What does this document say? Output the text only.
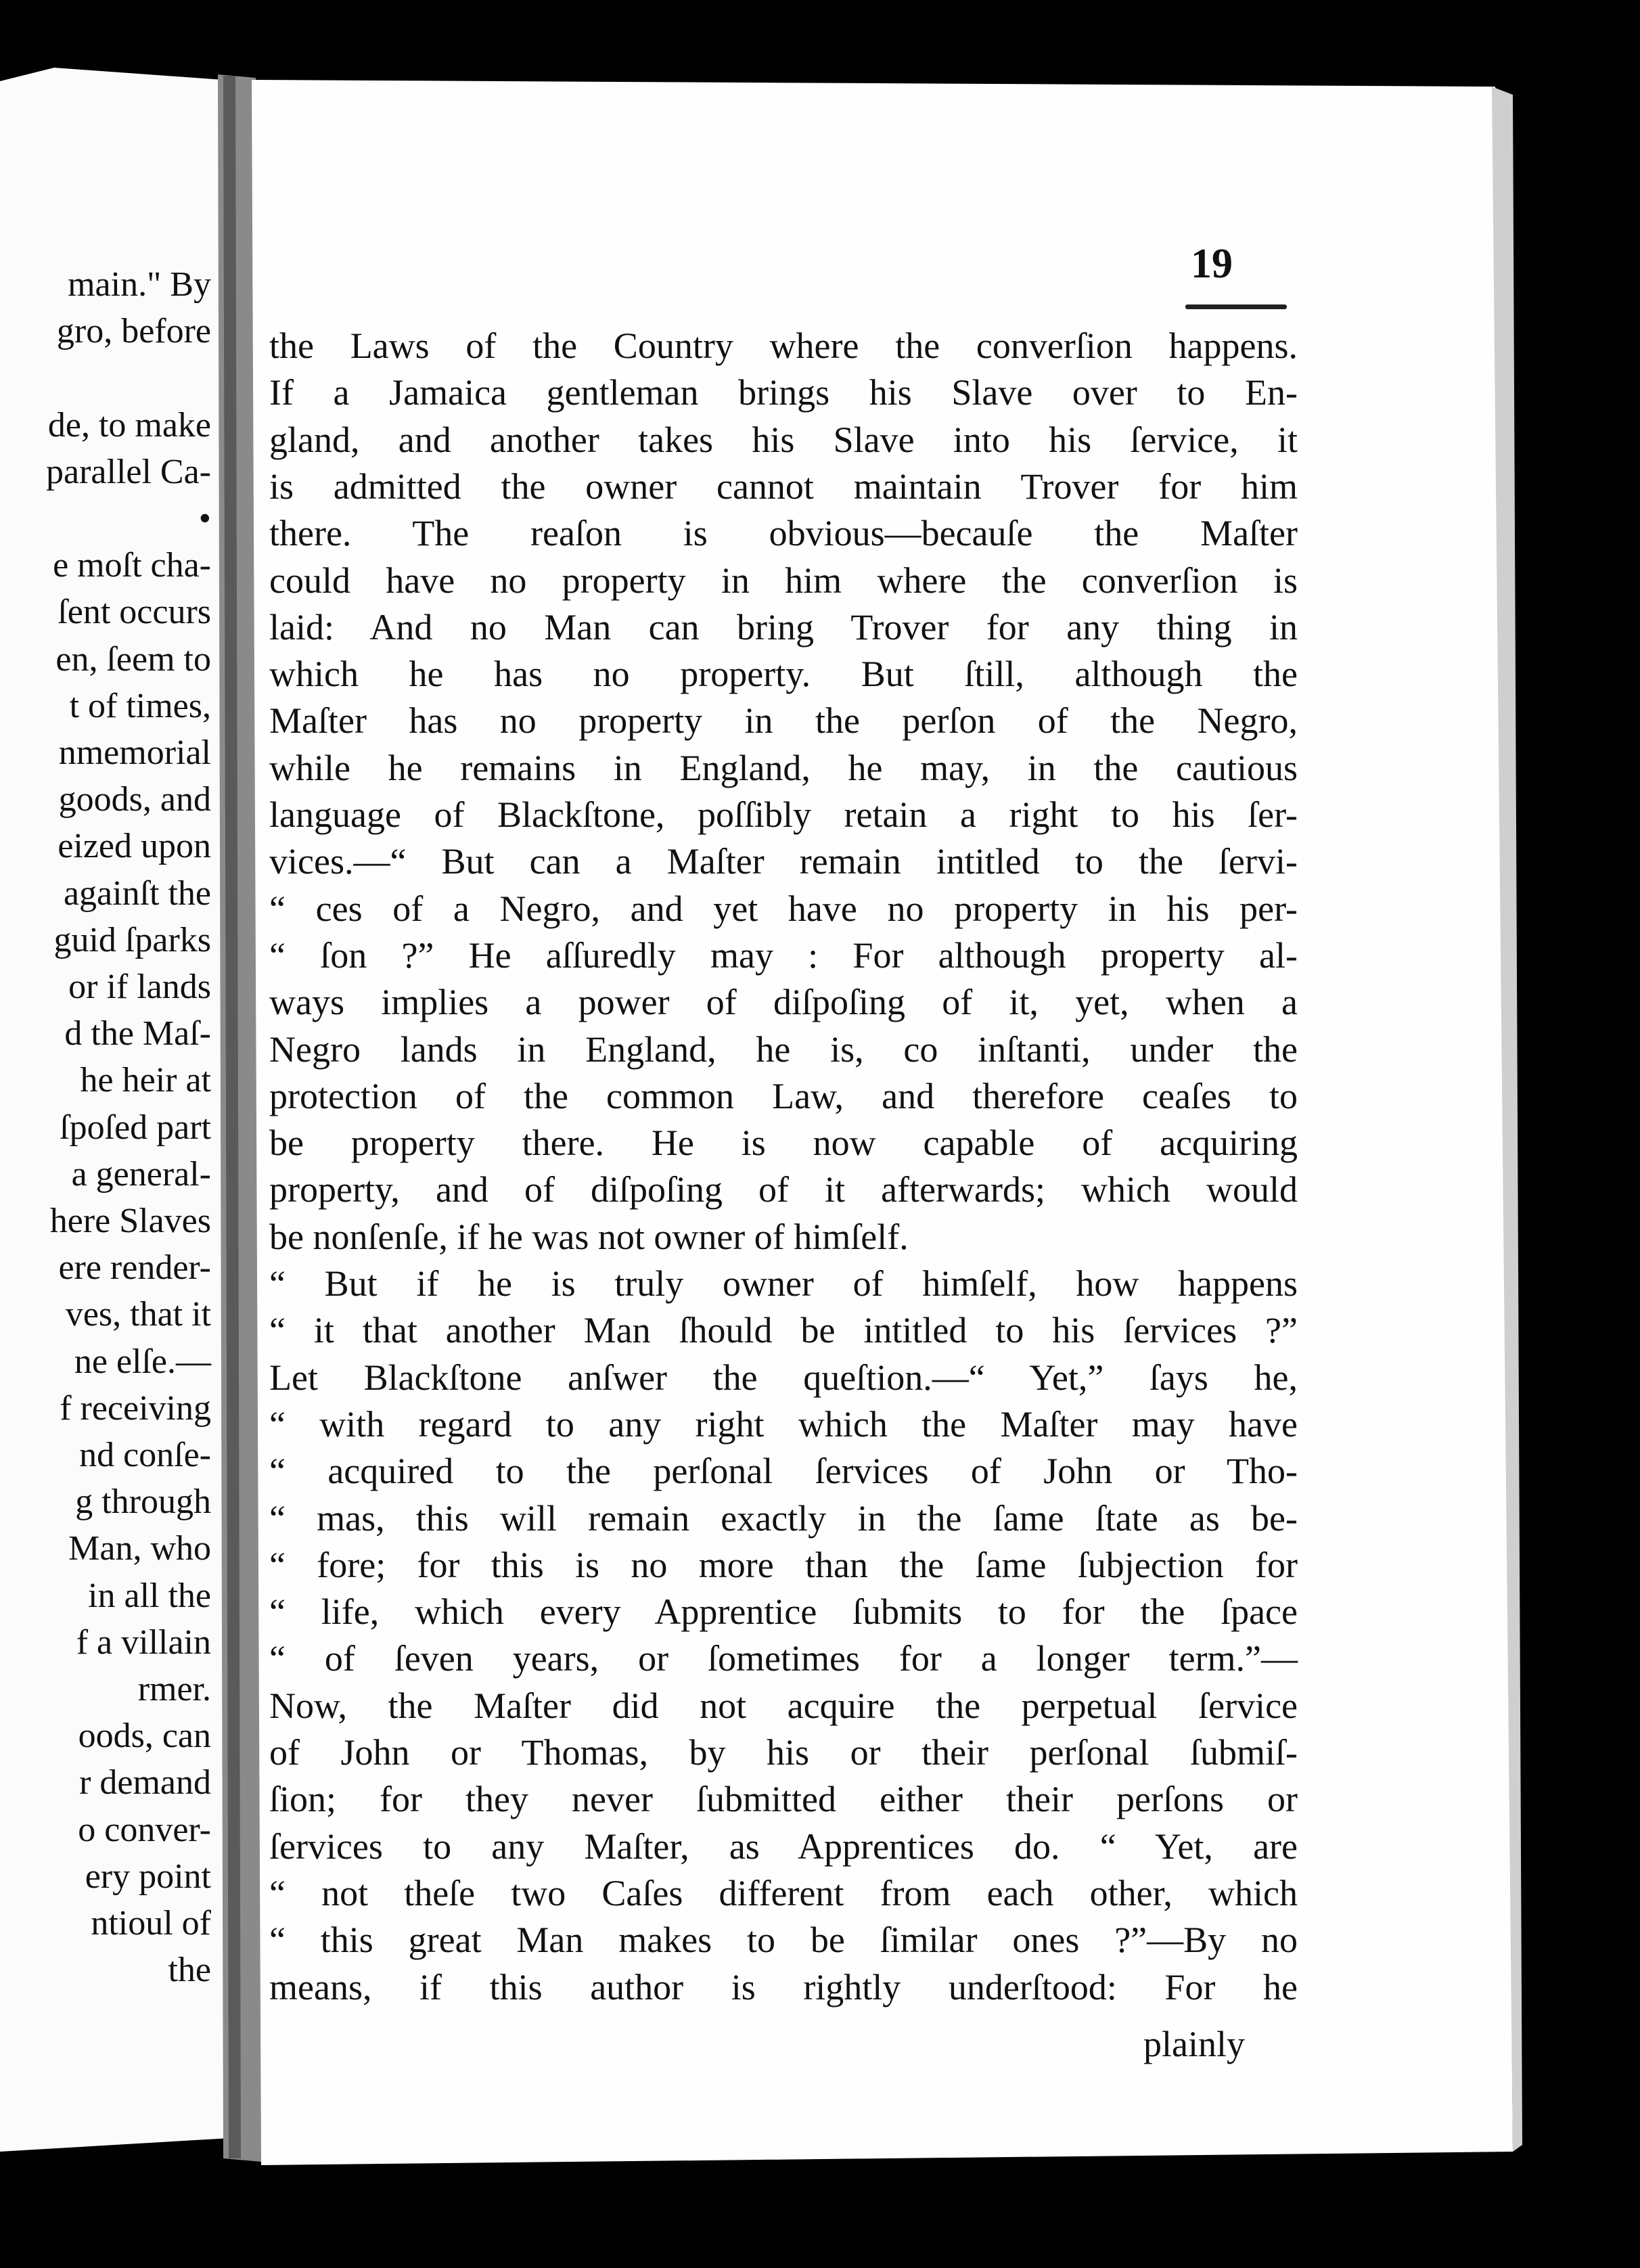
main." By
gro, before
de, to make
parallel Ca-
•
e moſt cha-
ſent occurs
en, ſeem to
t of times,
nmemorial
goods, and
eized upon
againſt the
guid ſparks
or if lands
d the Maſ-
he heir at
ſpoſed part
a general-
here Slaves
ere render-
ves, that it
ne elſe.—
f receiving
nd conſe-
g through
Man, who
in all the
f a villain
rmer.
oods, can
r demand
o conver-
ery point
ntioul of
the
19
the Laws of the Country where the converſion happens.
If a Jamaica gentleman brings his Slave over to En-
gland, and another takes his Slave into his ſervice, it
is admitted the owner cannot maintain Trover for him
there. The reaſon is obvious—becauſe the Maſter
could have no property in him where the converſion is
laid: And no Man can bring Trover for any thing in
which he has no property. But ſtill, although the
Maſter has no property in the perſon of the Negro,
while he remains in England, he may, in the cautious
language of Blackſtone, poſſibly retain a right to his ſer-
vices.—“ But can a Maſter remain intitled to the ſervi-
“ ces of a Negro, and yet have no property in his per-
“ ſon ?” He aſſuredly may : For although property al-
ways implies a power of diſpoſing of it, yet, when a
Negro lands in England, he is, co inſtanti, under the
protection of the common Law, and therefore ceaſes to
be property there. He is now capable of acquiring
property, and of diſpoſing of it afterwards; which would
be nonſenſe, if he was not owner of himſelf.
“ But if he is truly owner of himſelf, how happens
“ it that another Man ſhould be intitled to his ſervices ?”
Let Blackſtone anſwer the queſtion.—“ Yet,” ſays he,
“ with regard to any right which the Maſter may have
“ acquired to the perſonal ſervices of John or Tho-
“ mas, this will remain exactly in the ſame ſtate as be-
“ fore; for this is no more than the ſame ſubjection for
“ life, which every Apprentice ſubmits to for the ſpace
“ of ſeven years, or ſometimes for a longer term.”—
Now, the Maſter did not acquire the perpetual ſervice
of John or Thomas, by his or their perſonal ſubmiſ-
ſion; for they never ſubmitted either their perſons or
ſervices to any Maſter, as Apprentices do. “ Yet, are
“ not theſe two Caſes different from each other, which
“ this great Man makes to be ſimilar ones ?”—By no
means, if this author is rightly underſtood: For he
plainly
